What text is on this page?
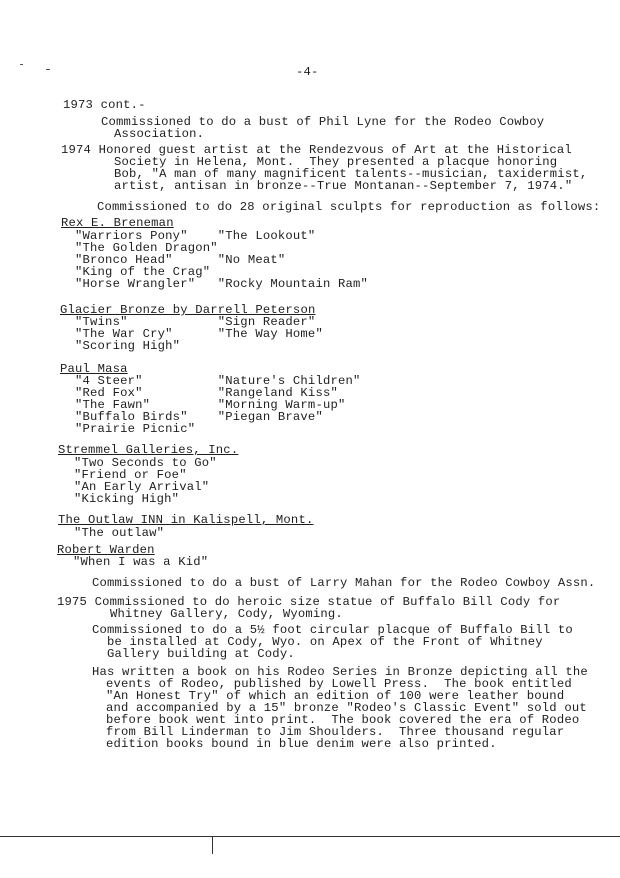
-4-
1973 cont.-
Commissioned to do a bust of Phil Lyne for the Rodeo Cowboy
Association.
1974 Honored guest artist at the Rendezvous of Art at the Historical
Society in Helena, Mont.  They presented a placque honoring
Bob, "A man of many magnificent talents--musician, taxidermist,
artist, antisan in bronze--True Montanan--September 7, 1974."
Commissioned to do 28 original sculpts for reproduction as follows:
Rex E. Breneman
"Warriors Pony"    "The Lookout"
"The Golden Dragon"
"Bronco Head"      "No Meat"
"King of the Crag"
"Horse Wrangler"   "Rocky Mountain Ram"
Glacier Bronze by Darrell Peterson
"Twins"            "Sign Reader"
"The War Cry"      "The Way Home"
"Scoring High"
Paul Masa
"4 Steer"          "Nature's Children"
"Red Fox"          "Rangeland Kiss"
"The Fawn"         "Morning Warm-up"
"Buffalo Birds"    "Piegan Brave"
"Prairie Picnic"
Stremmel Galleries, Inc.
"Two Seconds to Go"
"Friend or Foe"
"An Early Arrival"
"Kicking High"
The Outlaw INN in Kalispell, Mont.
"The outlaw"
Robert Warden
"When I was a Kid"
Commissioned to do a bust of Larry Mahan for the Rodeo Cowboy Assn.
1975 Commissioned to do heroic size statue of Buffalo Bill Cody for
Whitney Gallery, Cody, Wyoming.
Commissioned to do a 5½ foot circular placque of Buffalo Bill to
be installed at Cody, Wyo. on Apex of the Front of Whitney
Gallery building at Cody.
Has written a book on his Rodeo Series in Bronze depicting all the
events of Rodeo, published by Lowell Press.  The book entitled
"An Honest Try" of which an edition of 100 were leather bound
and accompanied by a 15" bronze "Rodeo's Classic Event" sold out
before book went into print.  The book covered the era of Rodeo
from Bill Linderman to Jim Shoulders.  Three thousand regular
edition books bound in blue denim were also printed.
